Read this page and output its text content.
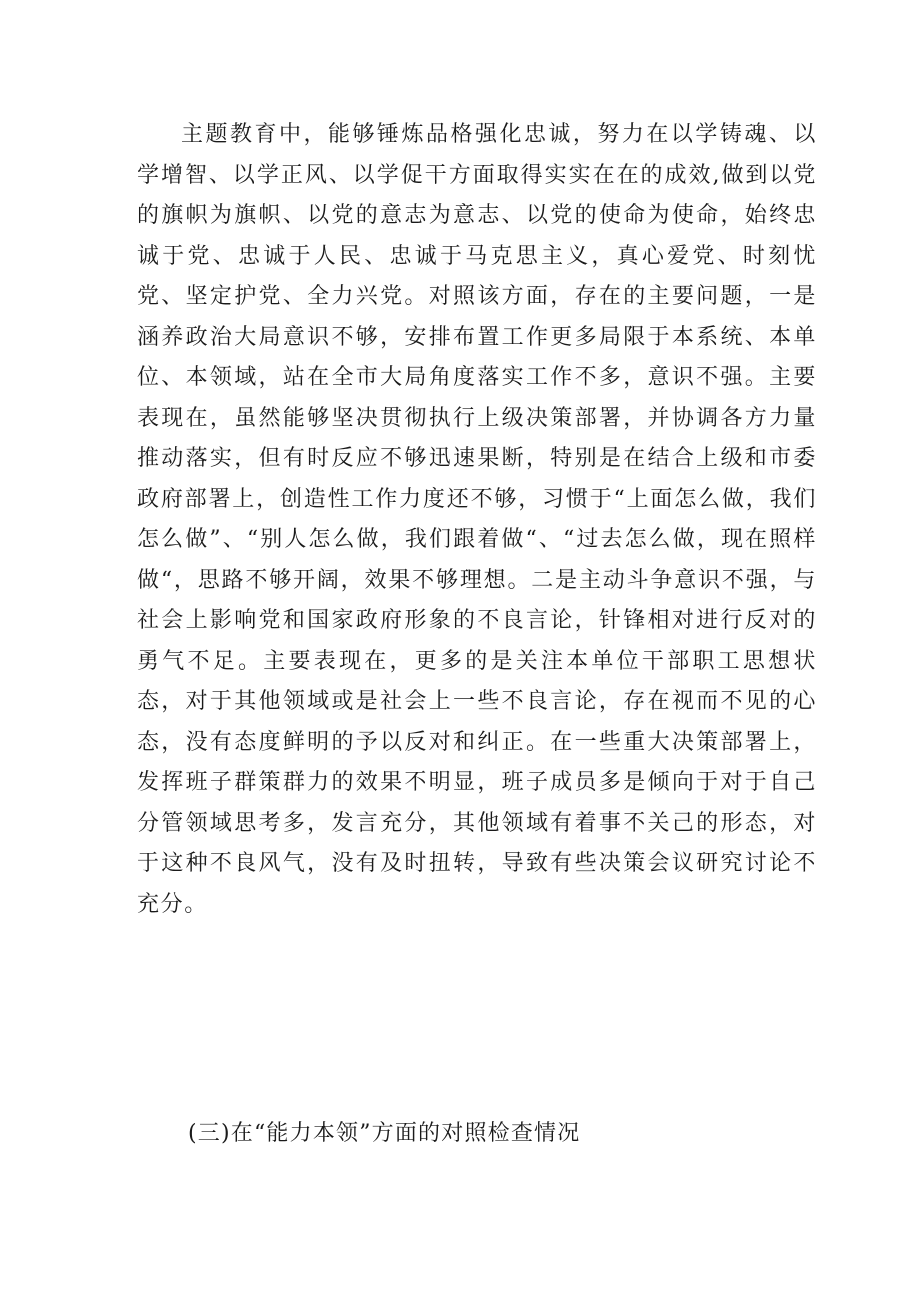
主题教育中，能够锤炼品格强化忠诚，努力在以学铸魂、以学增智、以学正风、以学促干方面取得实实在在的成效,做到以党的旗帜为旗帜、以党的意志为意志、以党的使命为使命，始终忠诚于党、忠诚于人民、忠诚于马克思主义，真心爱党、时刻忧党、坚定护党、全力兴党。对照该方面，存在的主要问题，一是涵养政治大局意识不够，安排布置工作更多局限于本系统、本单位、本领域，站在全市大局角度落实工作不多，意识不强。主要表现在，虽然能够坚决贯彻执行上级决策部署，并协调各方力量推动落实，但有时反应不够迅速果断，特别是在结合上级和市委政府部署上，创造性工作力度还不够，习惯于“上面怎么做，我们怎么做”、“别人怎么做，我们跟着做“、“过去怎么做，现在照样做“，思路不够开阔，效果不够理想。二是主动斗争意识不强，与社会上影响党和国家政府形象的不良言论，针锋相对进行反对的勇气不足。主要表现在，更多的是关注本单位干部职工思想状态，对于其他领域或是社会上一些不良言论，存在视而不见的心态，没有态度鲜明的予以反对和纠正。在一些重大决策部署上，发挥班子群策群力的效果不明显，班子成员多是倾向于对于自己分管领域思考多，发言充分，其他领域有着事不关己的形态，对于这种不良风气，没有及时扭转，导致有些决策会议研究讨论不充分。

(三)在“能力本领”方面的对照检查情况
